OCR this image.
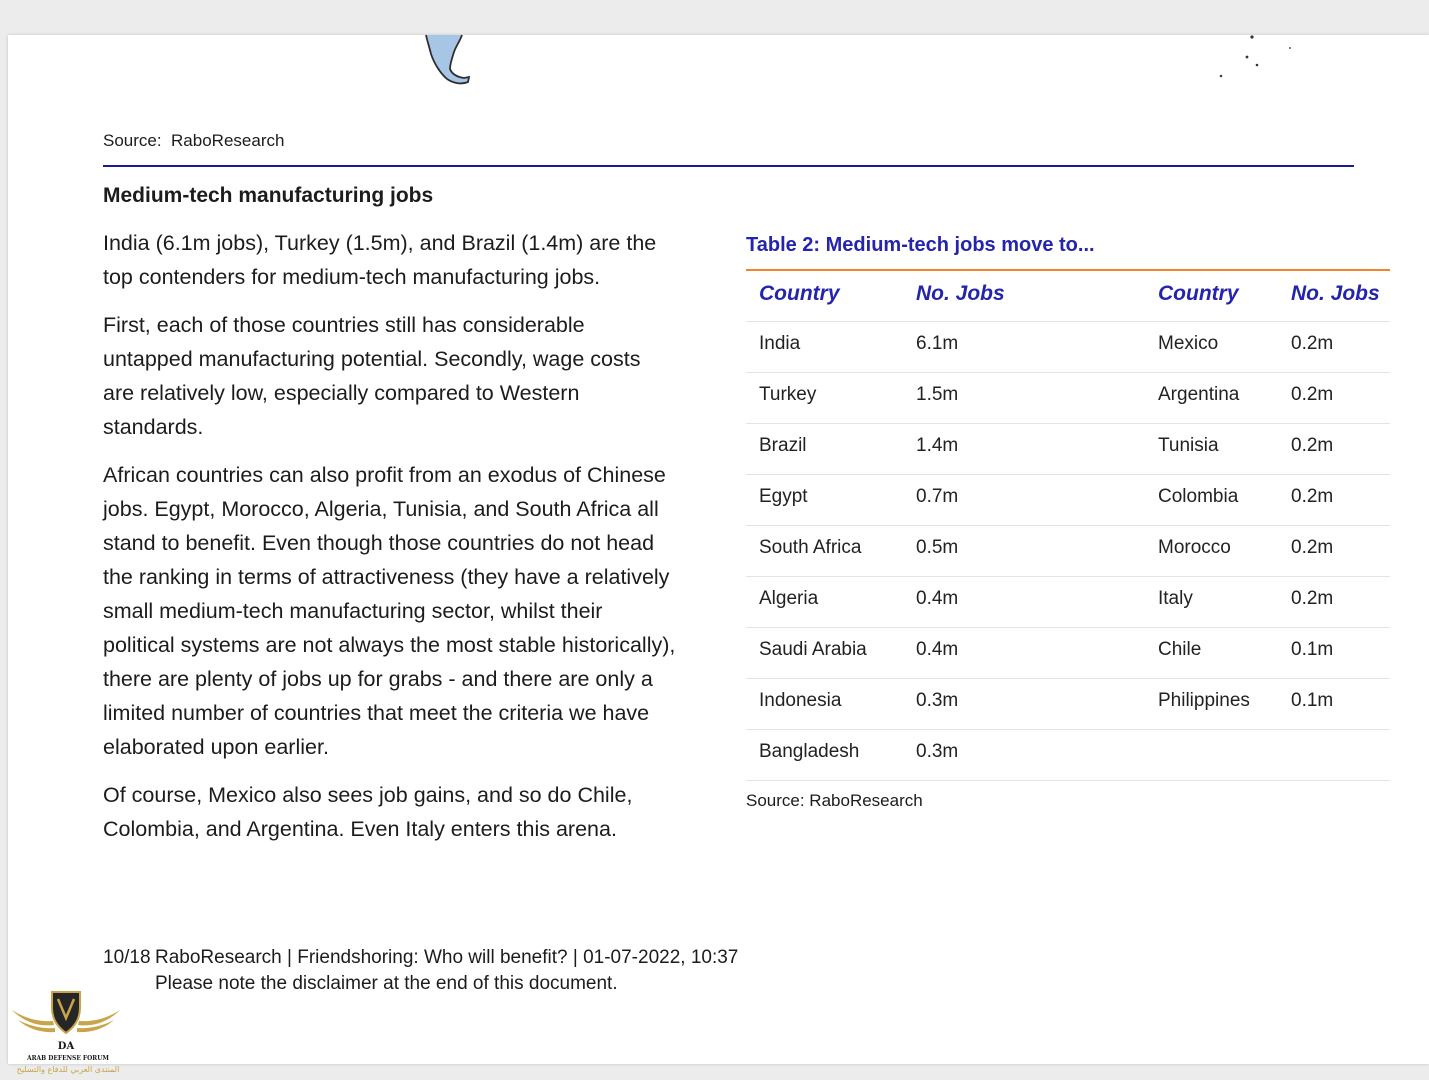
Source:  RaboResearch
Medium-tech manufacturing jobs

India (6.1m jobs), Turkey (1.5m), and Brazil (1.4m) are the
top contenders for medium-tech manufacturing jobs.

First, each of those countries still has considerable
untapped manufacturing potential. Secondly, wage costs
are relatively low, especially compared to Western
standards.

African countries can also profit from an exodus of Chinese
jobs. Egypt, Morocco, Algeria, Tunisia, and South Africa all
stand to benefit. Even though those countries do not head
the ranking in terms of attractiveness (they have a relatively
small medium-tech manufacturing sector, whilst their
political systems are not always the most stable historically),
there are plenty of jobs up for grabs - and there are only a
limited number of countries that meet the criteria we have
elaborated upon earlier.

Of course, Mexico also sees job gains, and so do Chile,
Colombia, and Argentina. Even Italy enters this arena.

Table 2: Medium-tech jobs move to...
Country	No. Jobs	Country	No. Jobs
India	6.1m	Mexico	0.2m
Turkey	1.5m	Argentina	0.2m
Brazil	1.4m	Tunisia	0.2m
Egypt	0.7m	Colombia	0.2m
South Africa	0.5m	Morocco	0.2m
Algeria	0.4m	Italy	0.2m
Saudi Arabia	0.4m	Chile	0.1m
Indonesia	0.3m	Philippines	0.1m
Bangladesh	0.3m
Source: RaboResearch
10/18 RaboResearch | Friendshoring: Who will benefit? | 01-07-2022, 10:37
Please note the disclaimer at the end of this document.
DA
ARAB DEFENSE FORUM
المنتدى العربي للدفاع والتسليح
